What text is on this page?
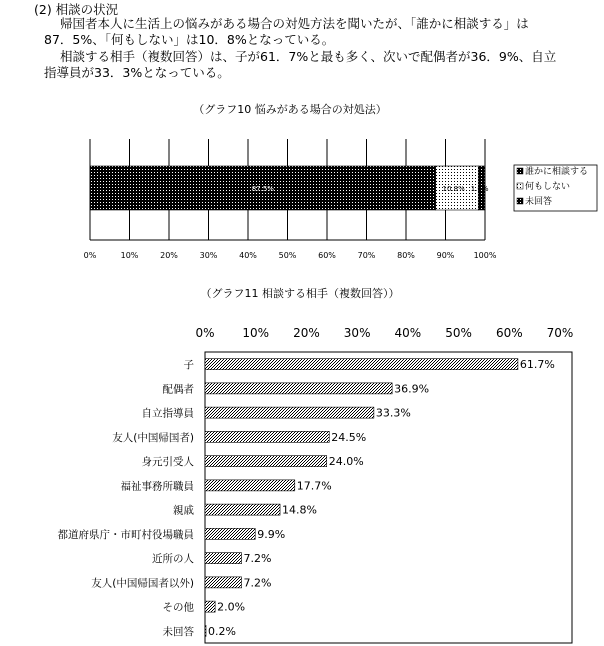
(2) 相談の状況
帰国者本人に生活上の悩みがある場合の対処方法を聞いたが、「誰かに相談する」は
87．5%、「何もしない」は10．8%となっている。
相談する相手（複数回答）は、子が61．7%と最も多く、次いで配偶者が36．9%、自立
指導員が33．3%となっている。
（グラフ10 悩みがある場合の対処法）
87.5%	10.8% 1.6%
0%	10%	20%	30%	40%	50%	60%	70%	80%	90% 100%
誰かに相談する
何もしない
未回答
（グラフ11 相談する相手（複数回答））
0% 10% 20% 30% 40% 50% 60% 70%
61.7%
36.9%
33.3%
24.5%
24.0%
17.7%
14.8%
9.9%
7.2%
7.2%
2.0%
0.2%
子
配偶者
自立指導員
友人(中国帰国者)
身元引受人
福祉事務所職員
親戚
都道府県庁・市町村役場職員
近所の人
友人(中国帰国者以外)
その他
未回答
